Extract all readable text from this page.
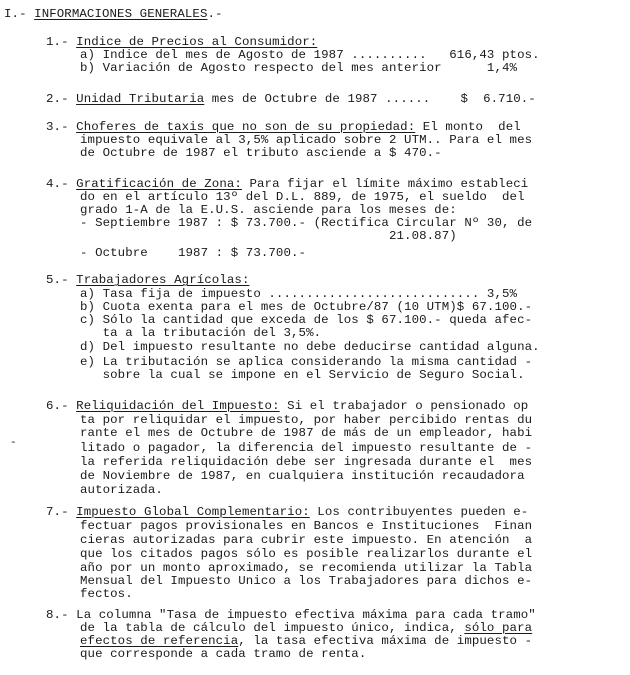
I.- INFORMACIONES GENERALES.-
1.- Indice de Precios al Consumidor:
a) Indice del mes de Agosto de 1987 ..........   616,43 ptos.
b) Variación de Agosto respecto del mes anterior      1,4%
2.- Unidad Tributaria mes de Octubre de 1987 ......    $  6.710.-
3.- Choferes de taxis que no son de su propiedad: El monto  del
impuesto equivale al 3,5% aplicado sobre 2 UTM.. Para el mes
de Octubre de 1987 el tributo asciende a $ 470.-
4.- Gratificación de Zona: Para fijar el límite máximo estableci
do en el artículo 13º del D.L. 889, de 1975, el sueldo  del
grado 1-A de la E.U.S. asciende para los meses de:
- Septiembre 1987 : $ 73.700.- (Rectifica Circular Nº 30, de
21.08.87)
- Octubre    1987 : $ 73.700.-
5.- Trabajadores Agrícolas:
a) Tasa fija de impuesto ............................ 3,5%
b) Cuota exenta para el mes de Octubre/87 (10 UTM)$ 67.100.-
c) Sólo la cantidad que exceda de los $ 67.100.- queda afec-
ta a la tributación del 3,5%.
d) Del impuesto resultante no debe deducirse cantidad alguna.
e) La tributación se aplica considerando la misma cantidad -
sobre la cual se impone en el Servicio de Seguro Social.
6.- Reliquidación del Impuesto: Si el trabajador o pensionado op
ta por reliquidar el impuesto, por haber percibido rentas du
rante el mes de Octubre de 1987 de más de un empleador, habi
litado o pagador, la diferencia del impuesto resultante de -
la referida reliquidación debe ser ingresada durante el  mes
de Noviembre de 1987, en cualquiera institución recaudadora
autorizada.
7.- Impuesto Global Complementario: Los contribuyentes pueden e-
fectuar pagos provisionales en Bancos e Instituciones  Finan
cieras autorizadas para cubrir este impuesto. En atención  a
que los citados pagos sólo es posible realizarlos durante el
año por un monto aproximado, se recomienda utilizar la Tabla
Mensual del Impuesto Unico a los Trabajadores para dichos e-
fectos.
8.- La columna "Tasa de impuesto efectiva máxima para cada tramo"
de la tabla de cálculo del impuesto único, indica, sólo para
efectos de referencia, la tasa efectiva máxima de impuesto -
que corresponde a cada tramo de renta.
-
